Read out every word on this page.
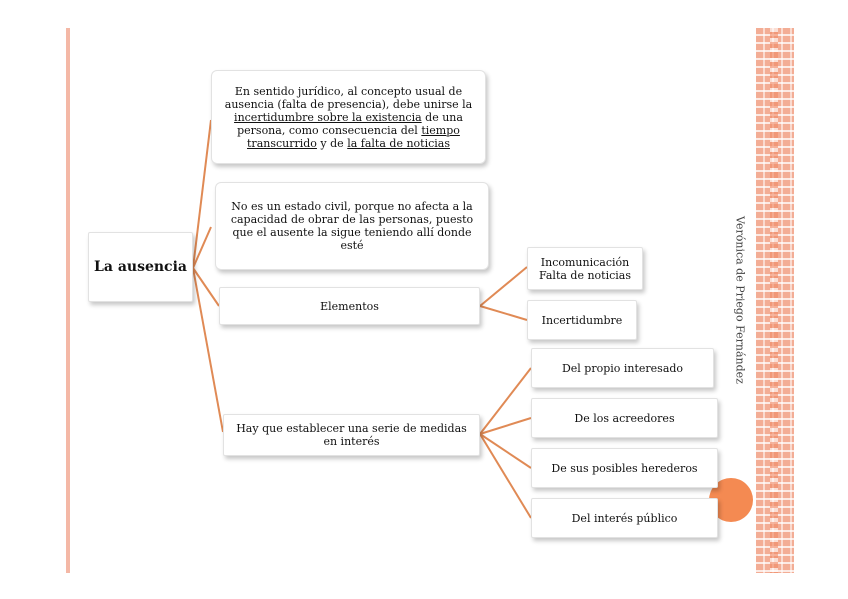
Verónica de Priego Fernández
La ausencia
En sentido jurídico, al concepto usual de ausencia (falta de presencia), debe unirse la incertidumbre sobre la existencia de una persona, como consecuencia del tiempo transcurrido y de la falta de noticias
No es un estado civil, porque no afecta a la capacidad de obrar de las personas, puesto que el ausente la sigue teniendo allí donde esté
Elementos
Incomunicación
Falta de noticias
Incertidumbre
Hay que establecer una serie de medidas en interés
Del propio interesado
De los acreedores
De sus posibles herederos
Del interés público
